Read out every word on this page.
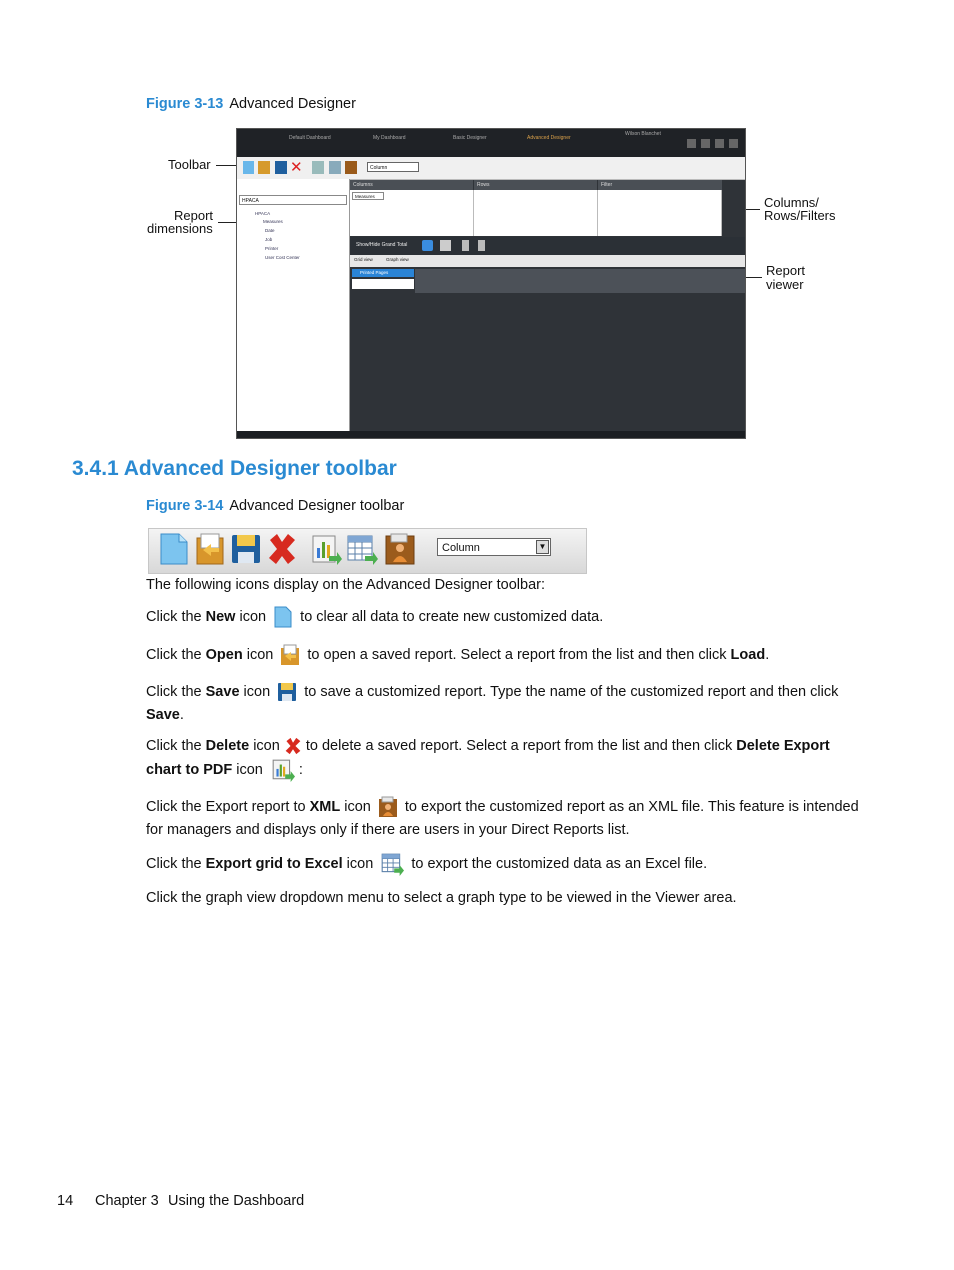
Figure 3-13 Advanced Designer
Toolbar
Report
dimensions
Columns/
Rows/Filters
Report
viewer
Default Dashboard	My Dashboard	Basic Designer	Advanced Designer
Wilson Blanchet
✕	Column
HPACA
HPACA
Measures
Date
Job
Printer
User Cost Center
Columns	Rows	Filter
Measures
Show/Hide Grand Total
Grid view	Graph view
Printed Pages
3.4.1 Advanced Designer toolbar
Figure 3-14 Advanced Designer toolbar
Column	▼
The following icons display on the Advanced Designer toolbar:
Click the New icon  to clear all data to create new customized data.
Click the Open icon  to open a saved report. Select a report from the list and then click Load.
Click the Save icon  to save a customized report. Type the name of the customized report and then click Save.
Click the Delete icon  to delete a saved report. Select a report from the list and then click Delete Export chart to PDF icon :
Click the Export report to XML icon  to export the customized report as an XML file. This feature is intended for managers and displays only if there are users in your Direct Reports list.
Click the Export grid to Excel icon  to export the customized data as an Excel file.
Click the graph view dropdown menu to select a graph type to be viewed in the Viewer area.
14 Chapter 3 Using the Dashboard
